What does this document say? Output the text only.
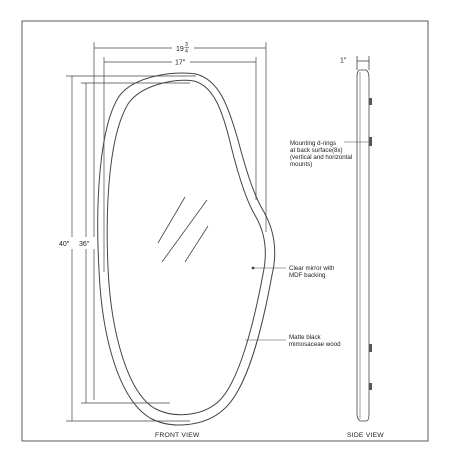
19
3
4
17"
40" 36"
Mounting d-rings
at back surface(8x)
(vertical and horizontal
mounts)
Clear mirror with
MDF backing
Matte black
mimosaceae wood
1"
FRONT VIEW	SIDE VIEW
